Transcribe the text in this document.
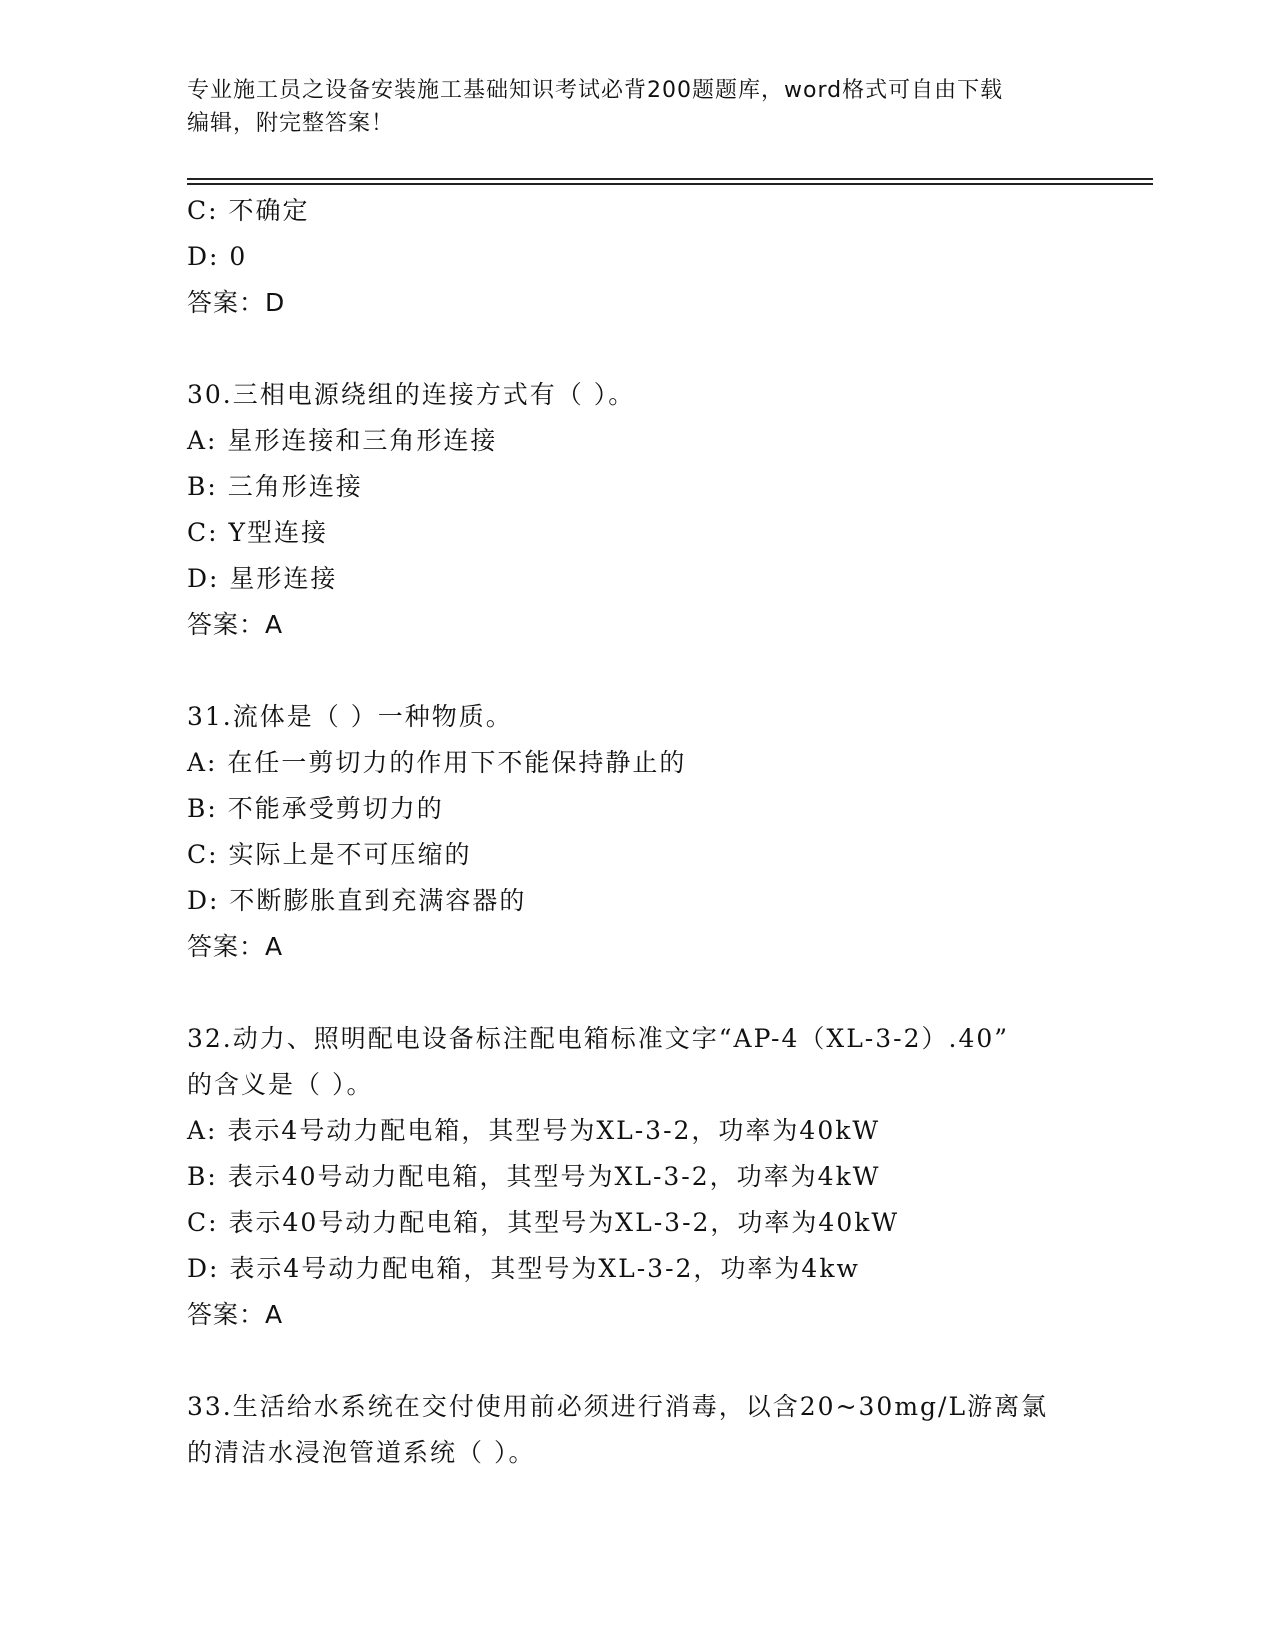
专业施工员之设备安装施工基础知识考试必背200题题库，word格式可自由下载
编辑，附完整答案！
C: 不确定
D: 0
答案：D
30.三相电源绕组的连接方式有（ ）。
A: 星形连接和三角形连接
B: 三角形连接
C: Y型连接
D: 星形连接
答案：A
31.流体是（ ）一种物质。
A: 在任一剪切力的作用下不能保持静止的
B: 不能承受剪切力的
C: 实际上是不可压缩的
D: 不断膨胀直到充满容器的
答案：A
32.动力、照明配电设备标注配电箱标准文字“AP-4（XL-3-2）.40”
的含义是（ ）。
A: 表示4号动力配电箱，其型号为XL-3-2，功率为40kW
B: 表示40号动力配电箱，其型号为XL-3-2，功率为4kW
C: 表示40号动力配电箱，其型号为XL-3-2，功率为40kW
D: 表示4号动力配电箱，其型号为XL-3-2，功率为4kw
答案：A
33.生活给水系统在交付使用前必须进行消毒，以含20~30mg/L游离氯
的清洁水浸泡管道系统（ ）。
